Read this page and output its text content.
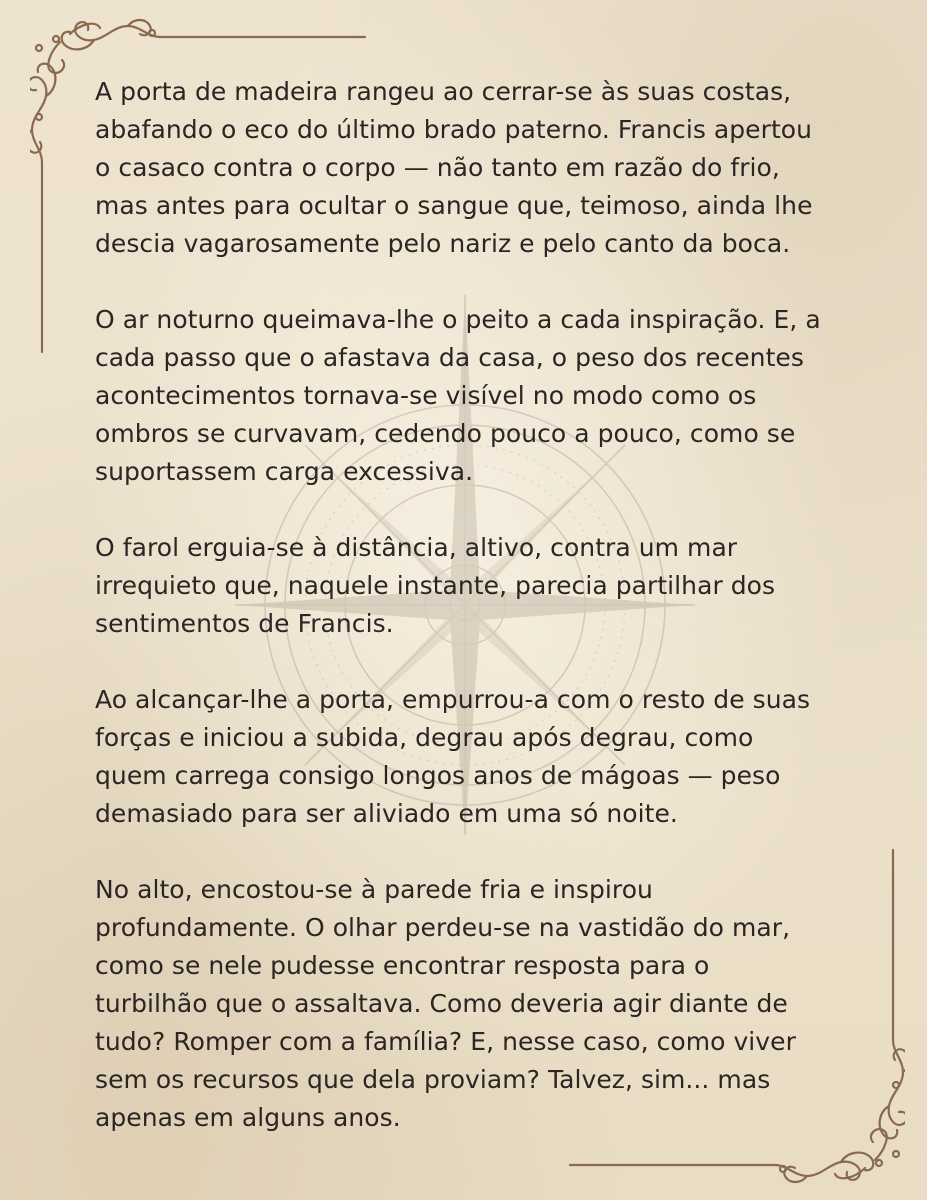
A porta de madeira rangeu ao cerrar-se às suas costas,
abafando o eco do último brado paterno. Francis apertou
o casaco contra o corpo — não tanto em razão do frio,
mas antes para ocultar o sangue que, teimoso, ainda lhe
descia vagarosamente pelo nariz e pelo canto da boca.

O ar noturno queimava-lhe o peito a cada inspiração. E, a
cada passo que o afastava da casa, o peso dos recentes
acontecimentos tornava-se visível no modo como os
ombros se curvavam, cedendo pouco a pouco, como se
suportassem carga excessiva.

O farol erguia-se à distância, altivo, contra um mar
irrequieto que, naquele instante, parecia partilhar dos
sentimentos de Francis.

Ao alcançar-lhe a porta, empurrou-a com o resto de suas
forças e iniciou a subida, degrau após degrau, como
quem carrega consigo longos anos de mágoas — peso
demasiado para ser aliviado em uma só noite.

No alto, encostou-se à parede fria e inspirou
profundamente. O olhar perdeu-se na vastidão do mar,
como se nele pudesse encontrar resposta para o
turbilhão que o assaltava. Como deveria agir diante de
tudo? Romper com a família? E, nesse caso, como viver
sem os recursos que dela proviam? Talvez, sim... mas
apenas em alguns anos.
